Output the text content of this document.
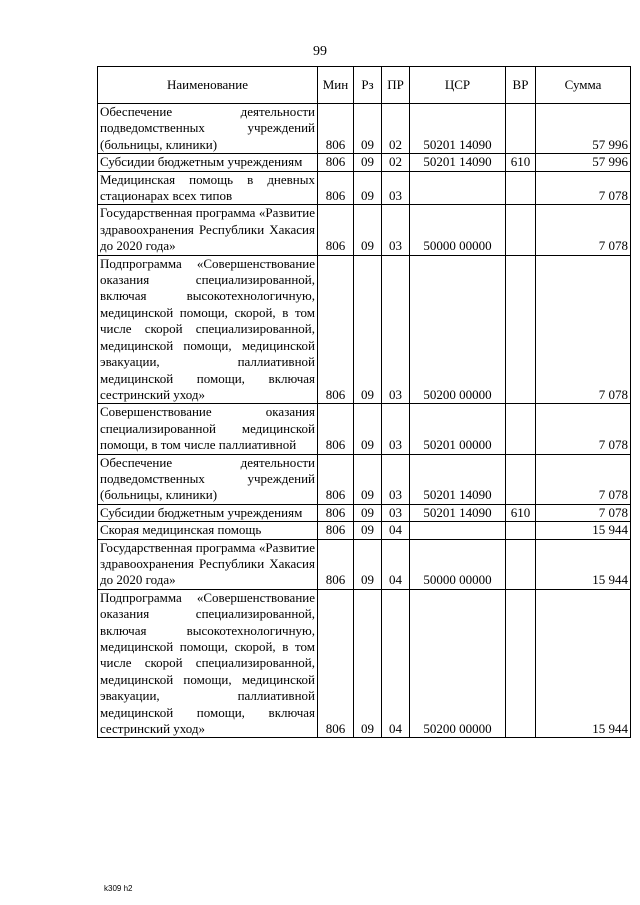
99
Наименование	Мин	Рз	ПР	ЦСР	ВР	Сумма
Обеспечение деятельности подведомственных учреждений (больницы, клиники)	806	09	02	50201 14090		57 996
Субсидии бюджетным учреждениям	806	09	02	50201 14090	610	57 996
Медицинская помощь в дневных стационарах всех типов	806	09	03			7 078
Государственная программа «Развитие здравоохранения Республики Хакасия до 2020 года»	806	09	03	50000 00000		7 078
Подпрограмма «Совершенствование оказания специализированной, включая высокотехнологичную, медицинской помощи, скорой, в том числе скорой специализированной, медицинской помощи, медицинской эвакуации, паллиативной медицинской помощи, включая сестринский уход»	806	09	03	50200 00000		7 078
Совершенствование оказания специализированной медицинской помощи, в том числе паллиативной	806	09	03	50201 00000		7 078
Обеспечение деятельности подведомственных учреждений (больницы, клиники)	806	09	03	50201 14090		7 078
Субсидии бюджетным учреждениям	806	09	03	50201 14090	610	7 078
Скорая медицинская помощь	806	09	04			15 944
Государственная программа «Развитие здравоохранения Республики Хакасия до 2020 года»	806	09	04	50000 00000		15 944
Подпрограмма «Совершенствование оказания специализированной, включая высокотехнологичную, медицинской помощи, скорой, в том числе скорой специализированной, медицинской помощи, медицинской эвакуации, паллиативной медицинской помощи, включая сестринский уход»	806	09	04	50200 00000		15 944
k309 h2
